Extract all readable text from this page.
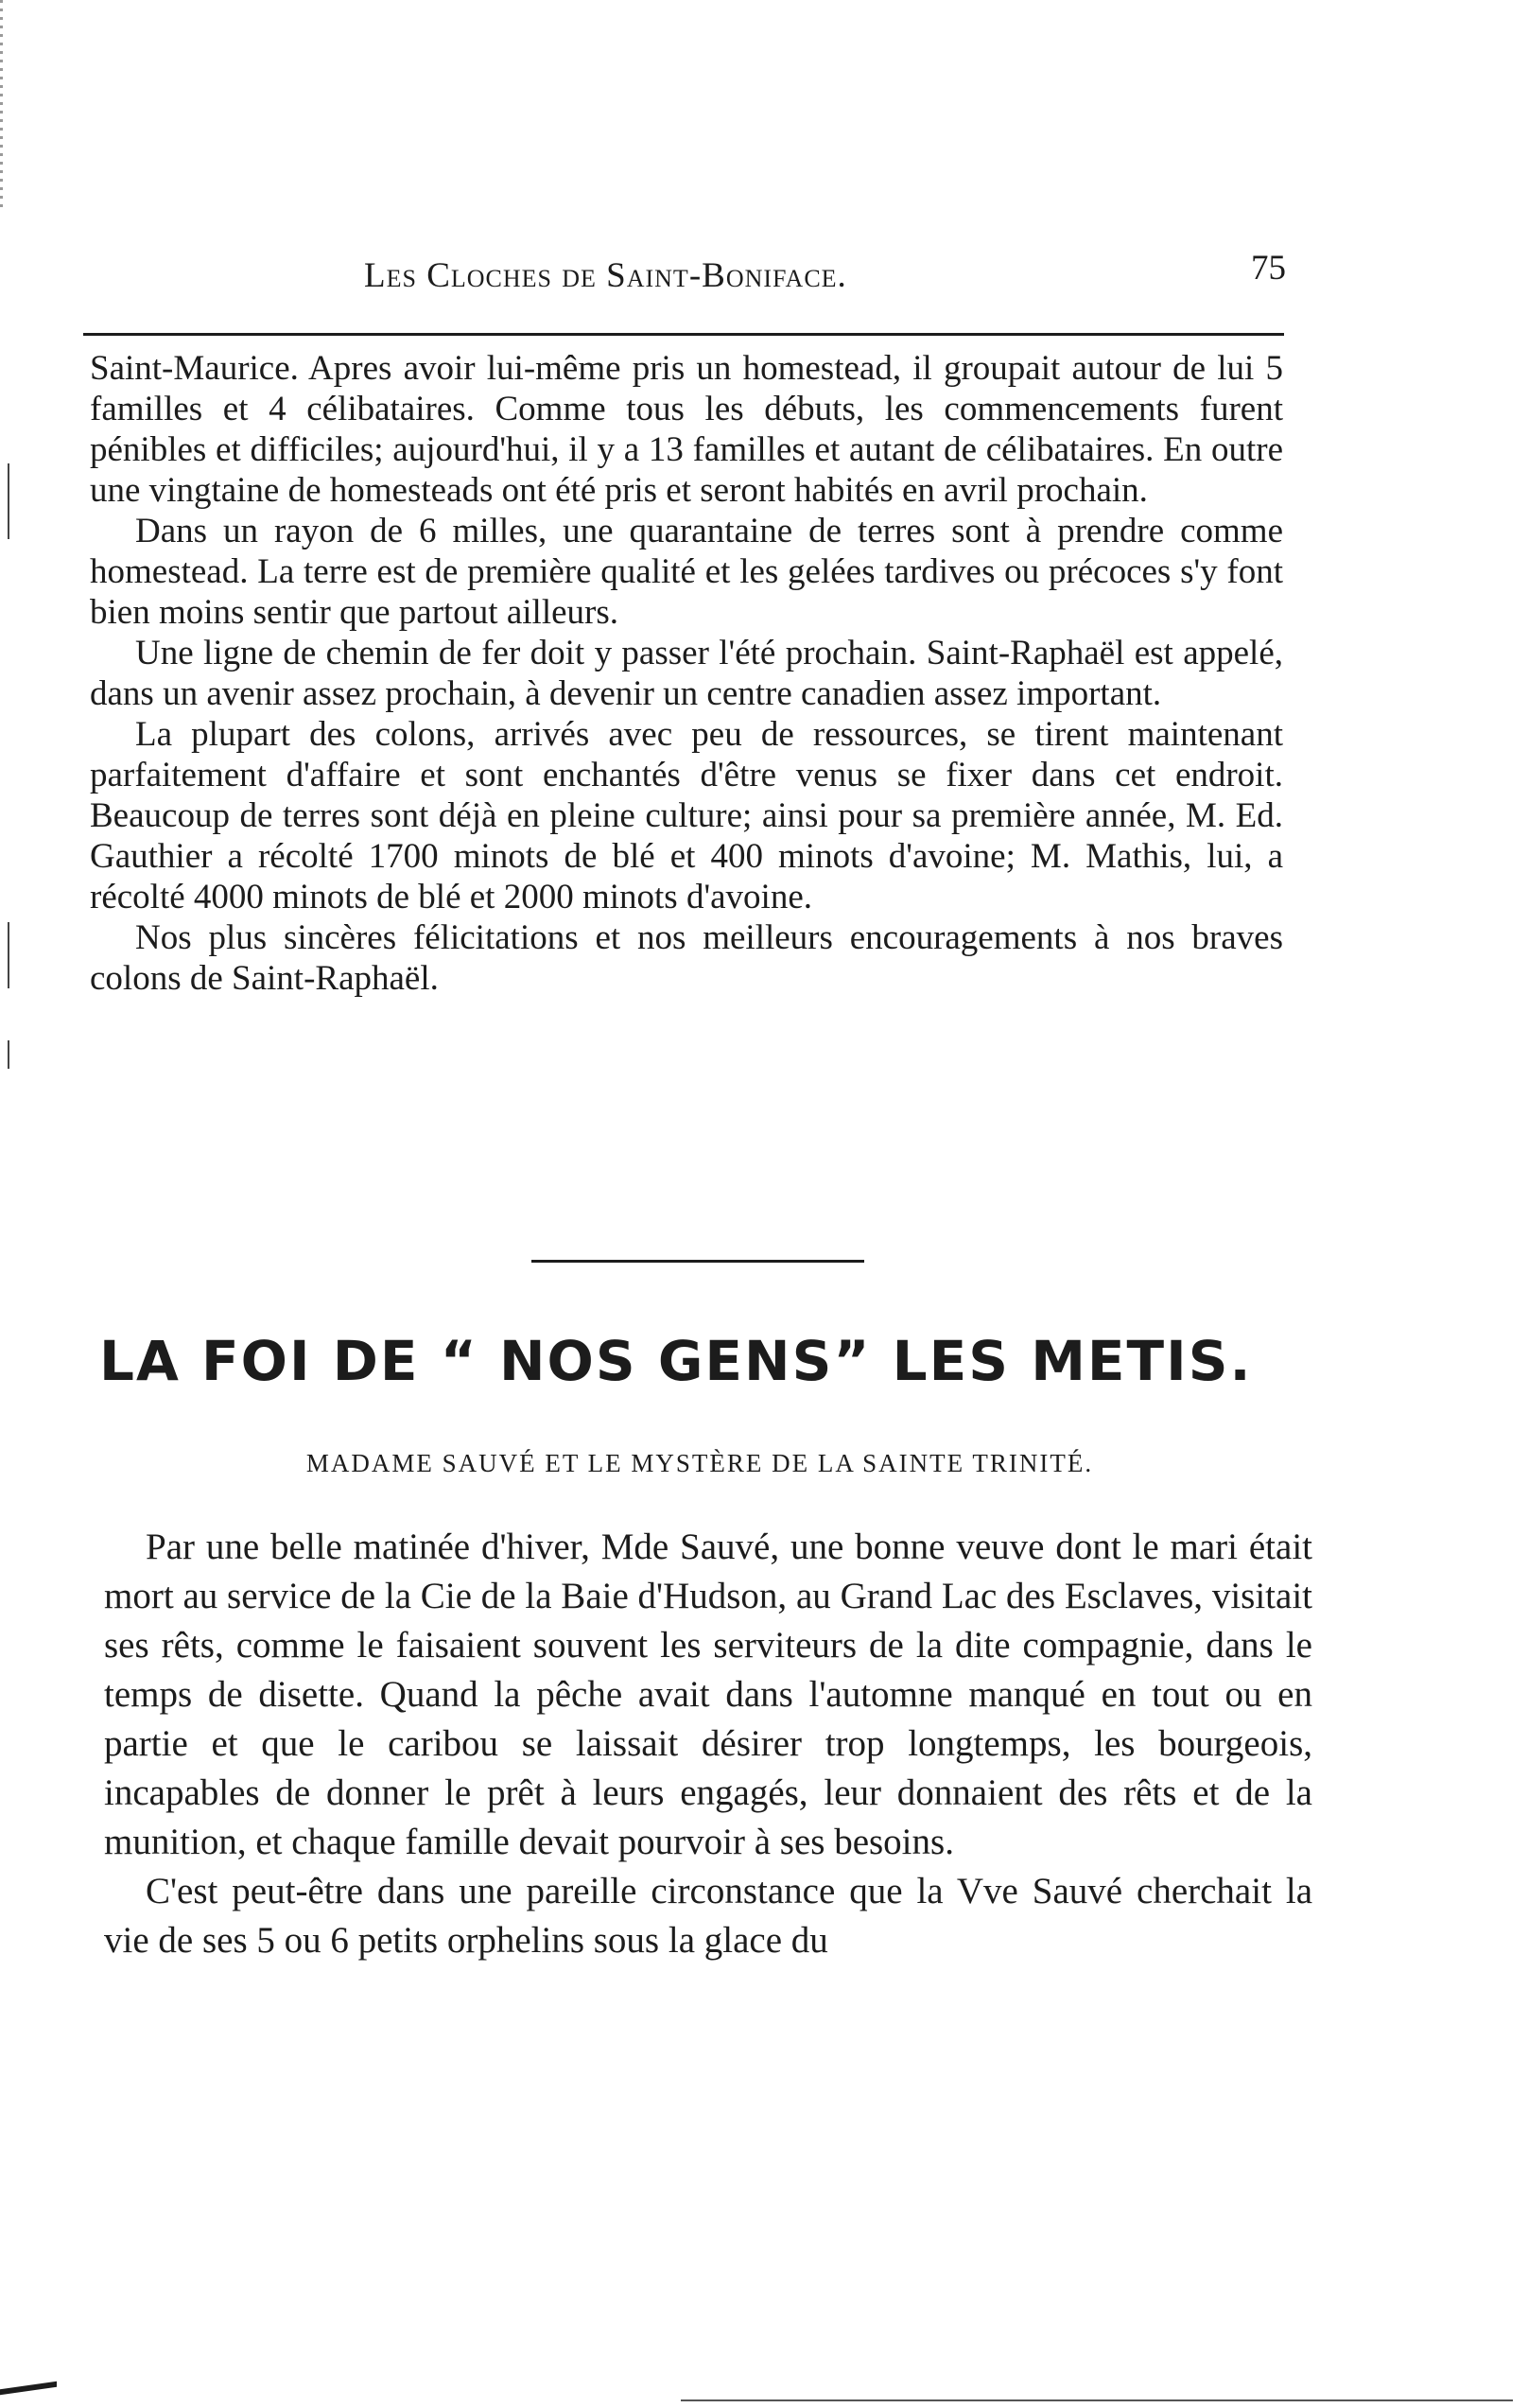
Les Cloches de Saint-Boniface.	75

Saint-Maurice. Apres avoir lui-même pris un homestead, il groupait autour de lui 5 familles et 4 célibataires. Comme tous les débuts, les commencements furent pénibles et difficiles; aujourd'hui, il y a 13 familles et autant de célibataires. En outre une vingtaine de homesteads ont été pris et seront habités en avril prochain.

Dans un rayon de 6 milles, une quarantaine de terres sont à prendre comme homestead. La terre est de première qualité et les gelées tardives ou précoces s'y font bien moins sentir que partout ailleurs.

Une ligne de chemin de fer doit y passer l'été prochain. Saint-Raphaël est appelé, dans un avenir assez prochain, à devenir un centre canadien assez important.

La plupart des colons, arrivés avec peu de ressources, se tirent maintenant parfaitement d'affaire et sont enchantés d'être venus se fixer dans cet endroit. Beaucoup de terres sont déjà en pleine culture; ainsi pour sa première année, M. Ed. Gauthier a récolté 1700 minots de blé et 400 minots d'avoine; M. Mathis, lui, a récolté 4000 minots de blé et 2000 minots d'avoine.

Nos plus sincères félicitations et nos meilleurs encouragements à nos braves colons de Saint-Raphaël.

LA FOI DE “ NOS GENS” LES METIS.
MADAME SAUVÉ ET LE MYSTÈRE DE LA SAINTE TRINITÉ.

Par une belle matinée d'hiver, Mde Sauvé, une bonne veuve dont le mari était mort au service de la Cie de la Baie d'Hudson, au Grand Lac des Esclaves, visitait ses rêts, comme le faisaient souvent les serviteurs de la dite compagnie, dans le temps de disette. Quand la pêche avait dans l'automne manqué en tout ou en partie et que le caribou se laissait désirer trop longtemps, les bourgeois, incapables de donner le prêt à leurs engagés, leur donnaient des rêts et de la munition, et chaque famille devait pourvoir à ses besoins.

C'est peut-être dans une pareille circonstance que la Vve Sauvé cherchait la vie de ses 5 ou 6 petits orphelins sous la glace du
